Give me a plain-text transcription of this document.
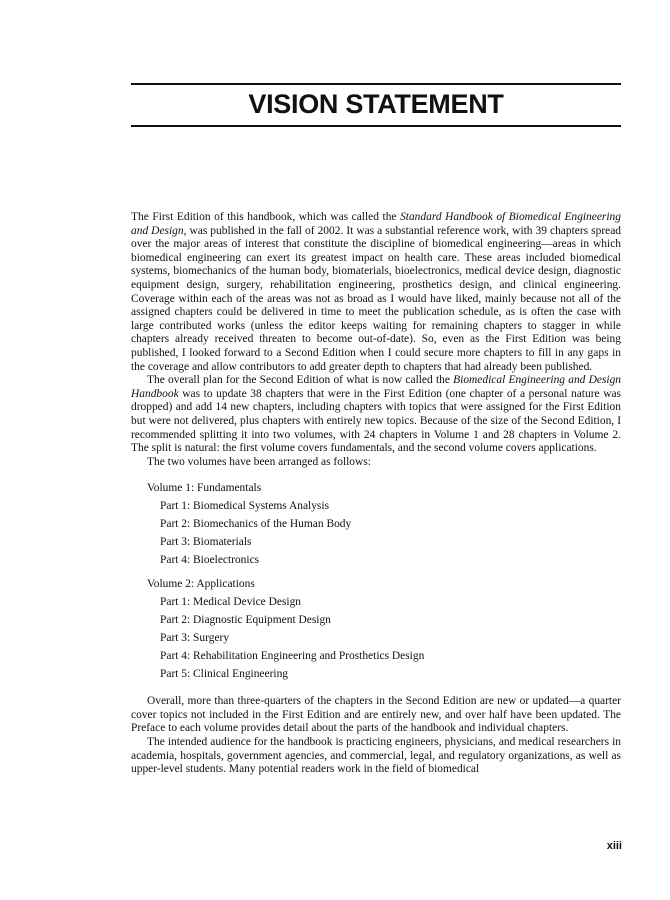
VISION STATEMENT

The First Edition of this handbook, which was called the Standard Handbook of Biomedical Engineering and Design, was published in the fall of 2002. It was a substantial reference work, with 39 chapters spread over the major areas of interest that constitute the discipline of biomedical engineering—areas in which biomedical engineering can exert its greatest impact on health care. These areas included biomedical systems, biomechanics of the human body, biomaterials, bioelectronics, medical device design, diagnostic equipment design, surgery, rehabilitation engineering, prosthetics design, and clinical engineering. Coverage within each of the areas was not as broad as I would have liked, mainly because not all of the assigned chapters could be delivered in time to meet the publication schedule, as is often the case with large contributed works (unless the editor keeps waiting for remaining chapters to stagger in while chapters already received threaten to become out-of-date). So, even as the First Edition was being published, I looked forward to a Second Edition when I could secure more chapters to fill in any gaps in the coverage and allow contributors to add greater depth to chapters that had already been published.

The overall plan for the Second Edition of what is now called the Biomedical Engineering and Design Handbook was to update 38 chapters that were in the First Edition (one chapter of a personal nature was dropped) and add 14 new chapters, including chapters with topics that were assigned for the First Edition but were not delivered, plus chapters with entirely new topics. Because of the size of the Second Edition, I recommended splitting it into two volumes, with 24 chapters in Volume 1 and 28 chapters in Volume 2. The split is natural: the first volume covers fundamentals, and the second volume covers applications.

The two volumes have been arranged as follows:

Volume 1: Fundamentals
Part 1: Biomedical Systems Analysis
Part 2: Biomechanics of the Human Body
Part 3: Biomaterials
Part 4: Bioelectronics
Volume 2: Applications
Part 1: Medical Device Design
Part 2: Diagnostic Equipment Design
Part 3: Surgery
Part 4: Rehabilitation Engineering and Prosthetics Design
Part 5: Clinical Engineering

Overall, more than three-quarters of the chapters in the Second Edition are new or updated—a quarter cover topics not included in the First Edition and are entirely new, and over half have been updated. The Preface to each volume provides detail about the parts of the handbook and individual chapters.

The intended audience for the handbook is practicing engineers, physicians, and medical researchers in academia, hospitals, government agencies, and commercial, legal, and regulatory organizations, as well as upper-level students. Many potential readers work in the field of biomedical

xiii
